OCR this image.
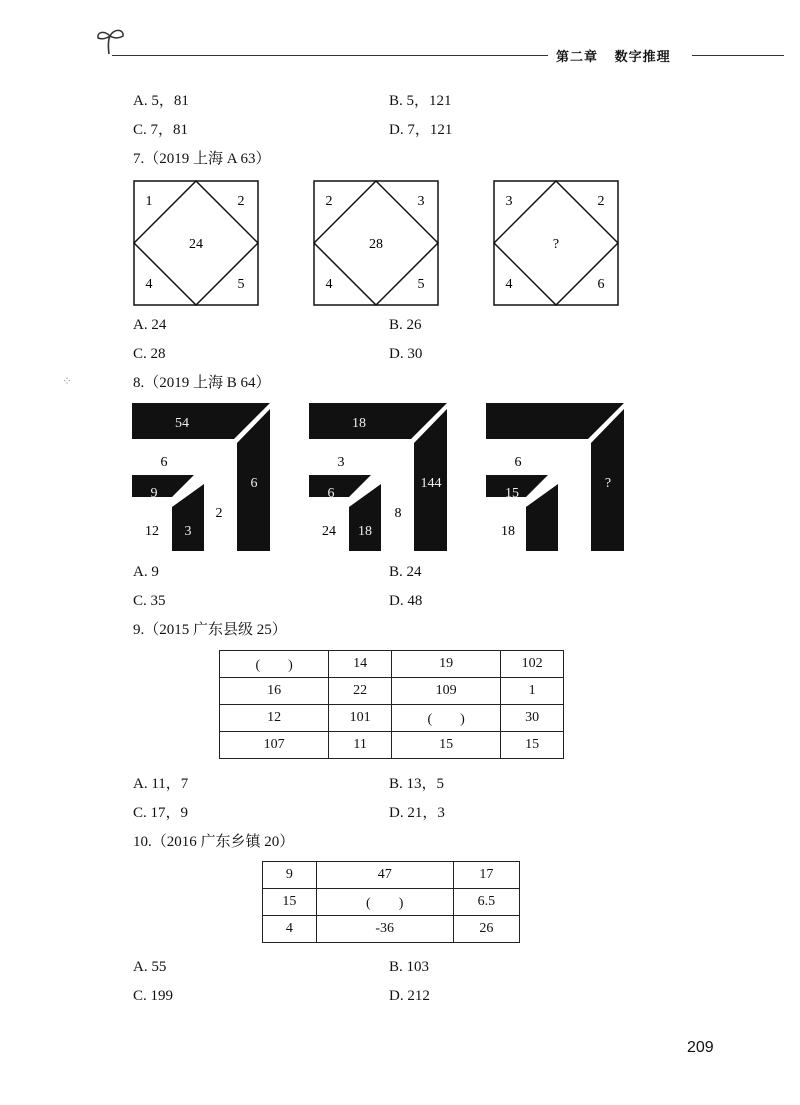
第二章 数字推理
A. 5，81	B. 5，121
C. 7，81	D. 7，121
7.（2019 上海 A 63）
1	2
24
4	5
2	3
28
4	5
3	2
?
4	6
A. 24	B. 26
C. 28	D. 30
⁘	8.（2019 上海 B 64）
54
6
9
12 3
2
6
18
3
6
24 18
8
144
6
15
18
?
A. 9	B. 24
C. 35	D. 48
9.（2015 广东县级 25）
(　　)	14	19	102
16	22	109	1
12	101	(　　)	30
107	11	15	15
A. 11，7	B. 13，5
C. 17，9	D. 21，3
10.（2016 广东乡镇 20）
9	47	17
15	(　　)	6.5
4	-36	26
A. 55	B. 103
C. 199	D. 212
209
